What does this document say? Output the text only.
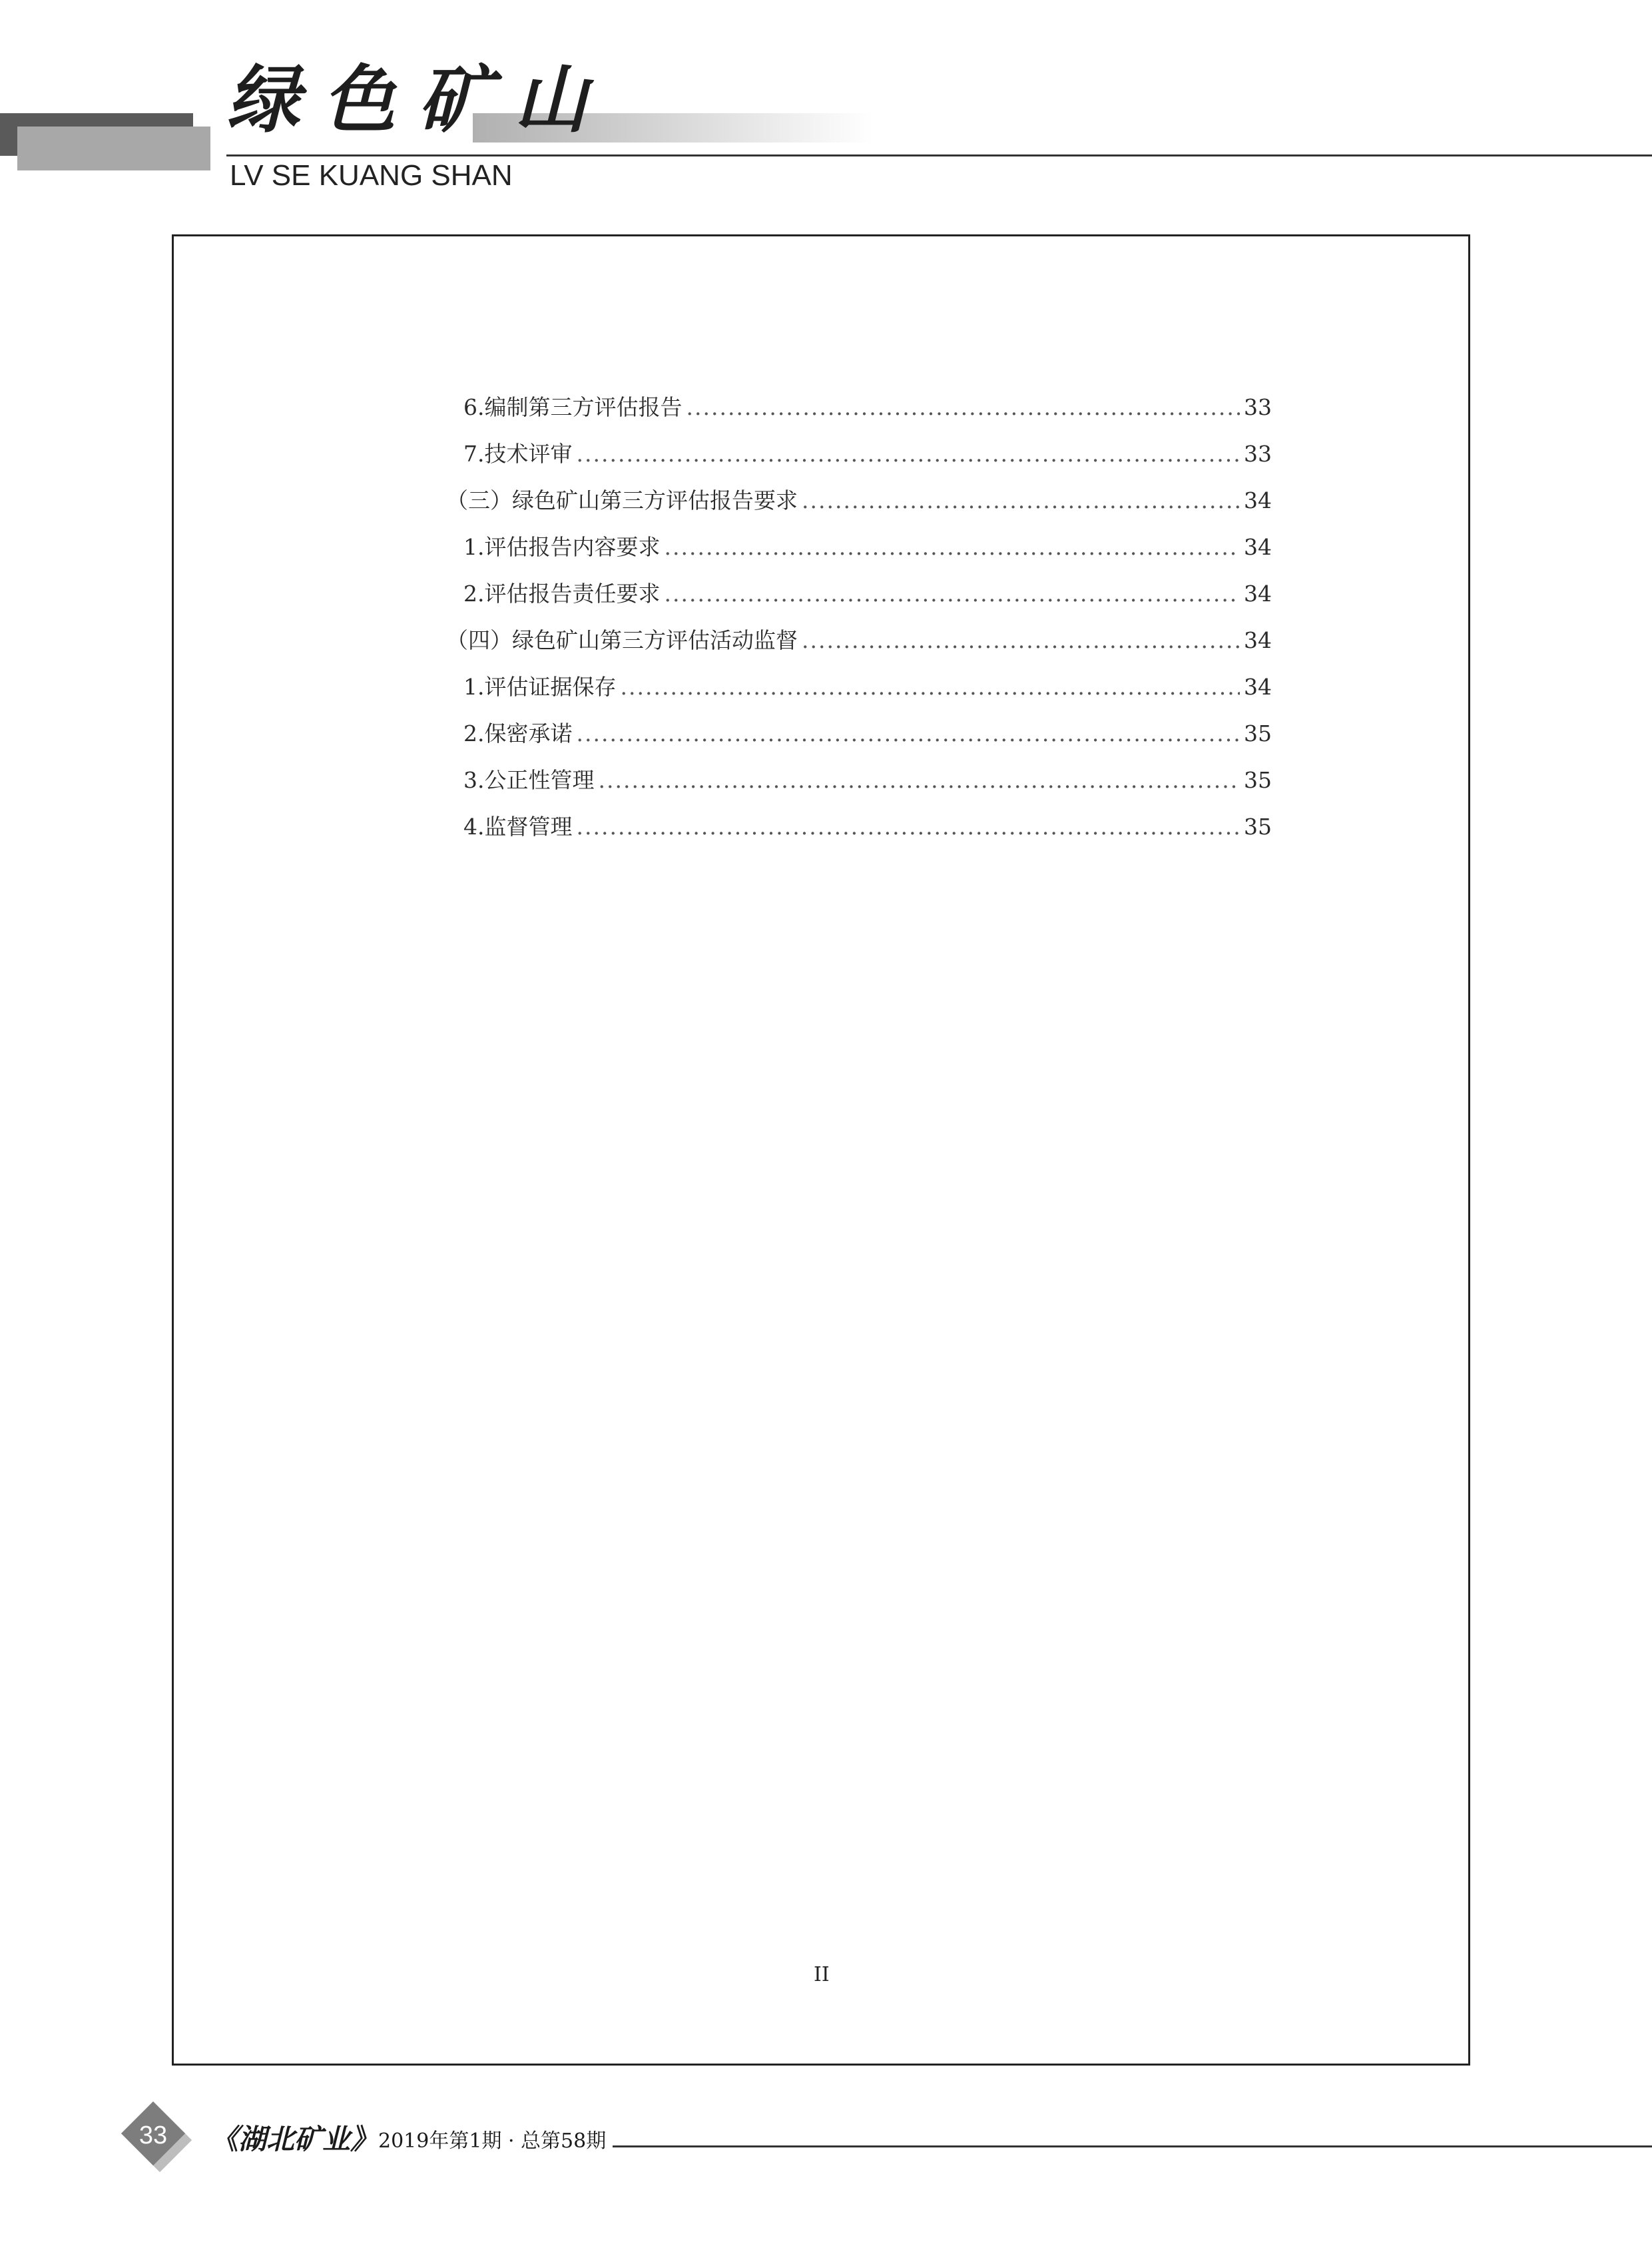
绿色矿山
LV SE KUANG SHAN
6.编制第三方评估报告 .....	33
7.技术评审 .....	33
（三）绿色矿山第三方评估报告要求 .....	34
1.评估报告内容要求 .....	34
2.评估报告责任要求 .....	34
（四）绿色矿山第三方评估活动监督 .....	34
1.评估证据保存 .....	34
2.保密承诺 .....	35
3.公正性管理 .....	35
4.监督管理 .....	35
II
33	《湖北矿业》 2019年第1期 · 总第58期
